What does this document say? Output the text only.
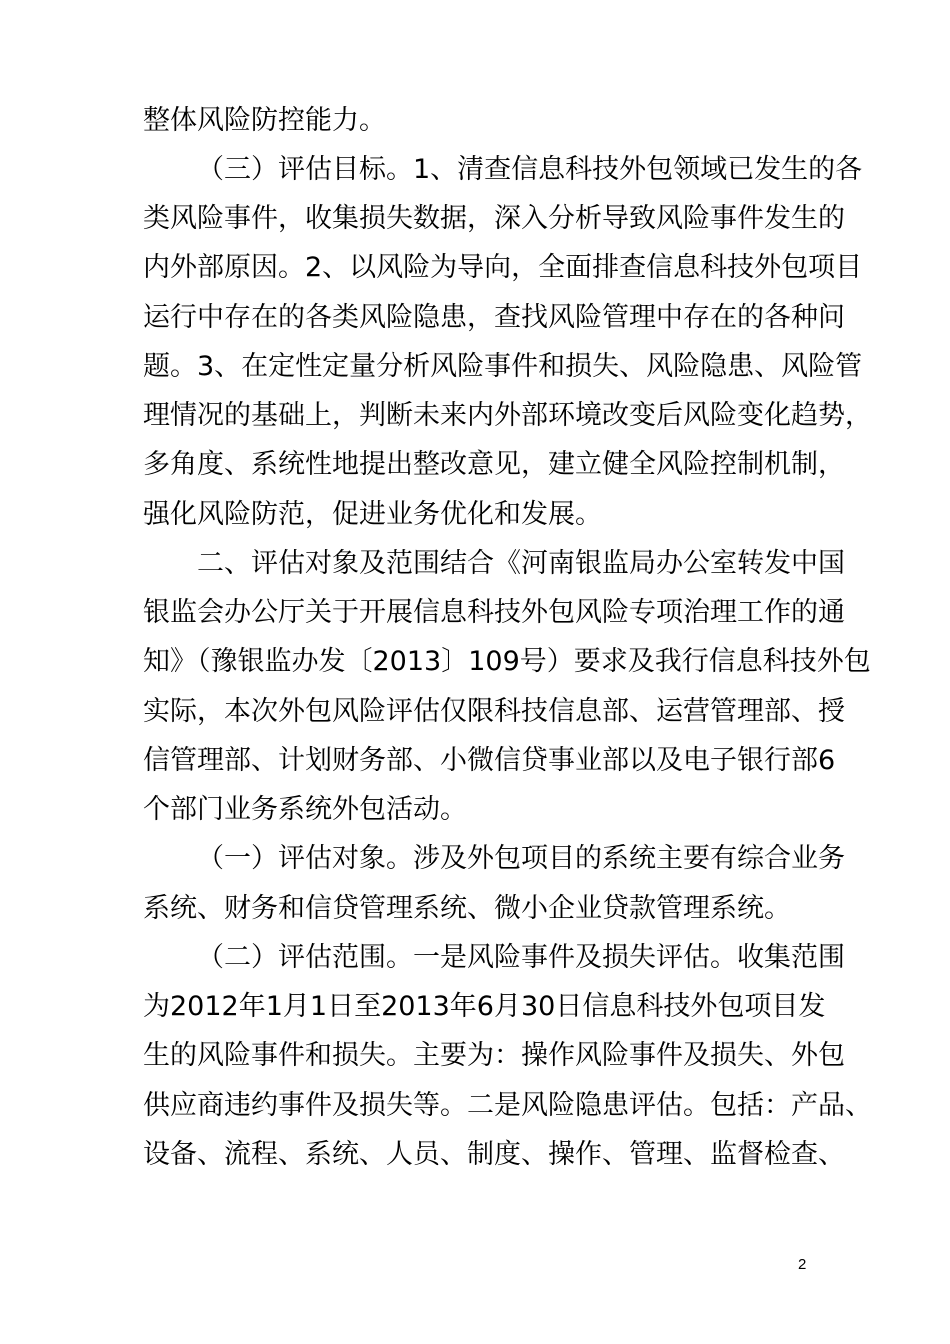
整体风险防控能力。
（三）评估目标。1、清查信息科技外包领域已发生的各
类风险事件，收集损失数据，深入分析导致风险事件发生的
内外部原因。2、以风险为导向，全面排查信息科技外包项目
运行中存在的各类风险隐患，查找风险管理中存在的各种问
题。3、在定性定量分析风险事件和损失、风险隐患、风险管
理情况的基础上，判断未来内外部环境改变后风险变化趋势，
多角度、系统性地提出整改意见，建立健全风险控制机制，
强化风险防范，促进业务优化和发展。
二、评估对象及范围结合《河南银监局办公室转发中国
银监会办公厅关于开展信息科技外包风险专项治理工作的通
知》（豫银监办发〔2013〕109号）要求及我行信息科技外包
实际，本次外包风险评估仅限科技信息部、运营管理部、授
信管理部、计划财务部、小微信贷事业部以及电子银行部6
个部门业务系统外包活动。
（一）评估对象。涉及外包项目的系统主要有综合业务
系统、财务和信贷管理系统、微小企业贷款管理系统。
（二）评估范围。一是风险事件及损失评估。收集范围
为2012年1月1日至2013年6月30日信息科技外包项目发
生的风险事件和损失。主要为：操作风险事件及损失、外包
供应商违约事件及损失等。二是风险隐患评估。包括：产品、
设备、流程、系统、人员、制度、操作、管理、监督检查、
2
